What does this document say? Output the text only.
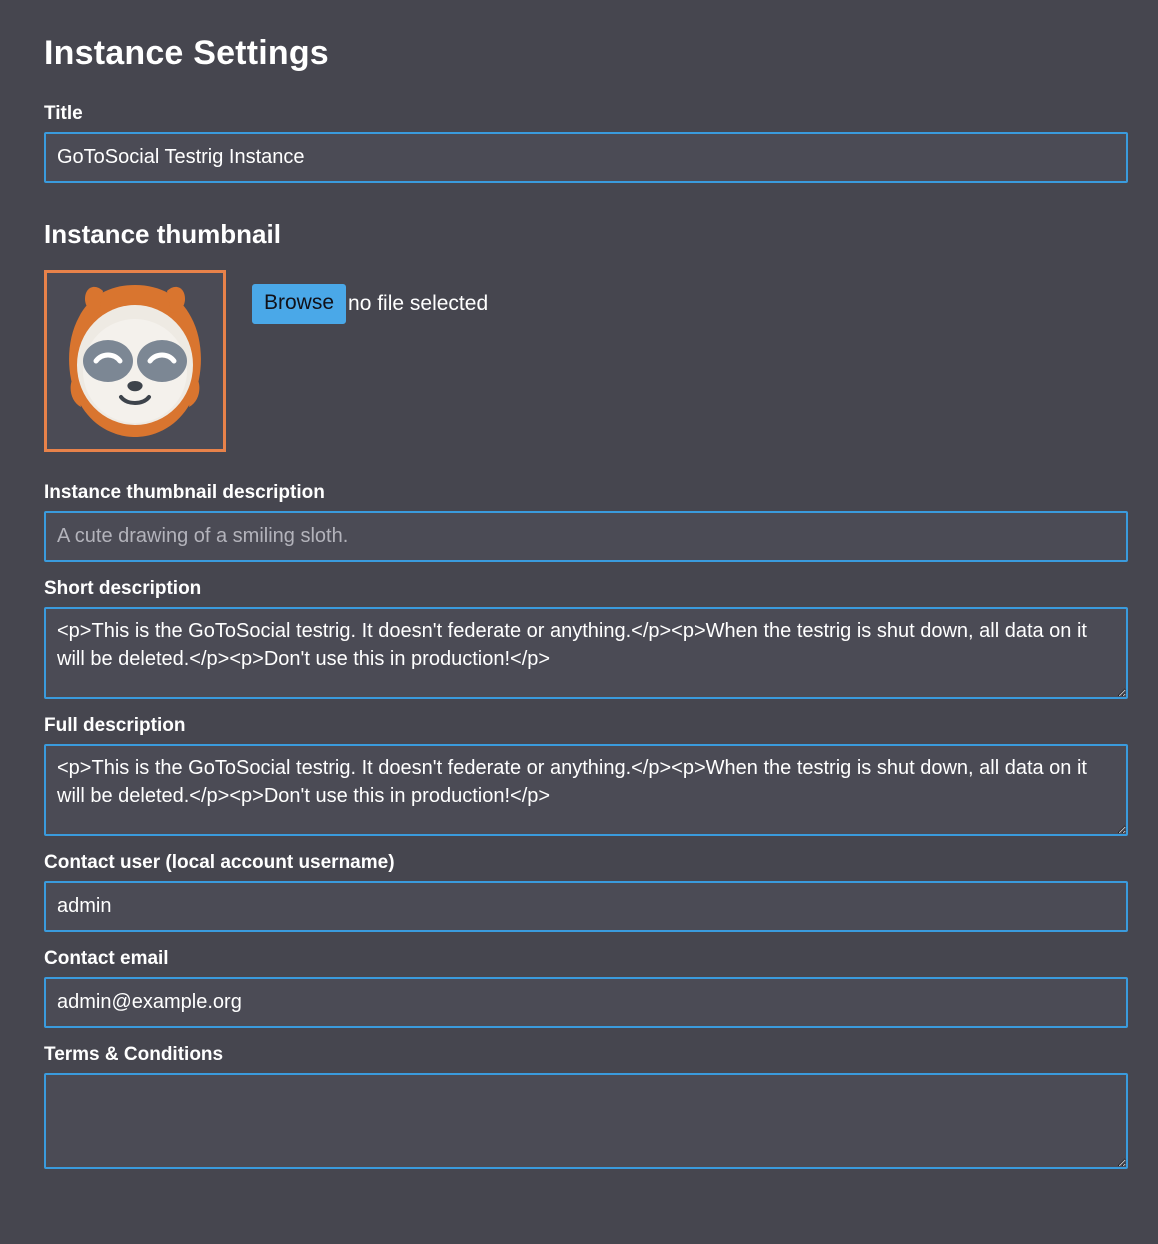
Instance Settings
Title
GoToSocial Testrig Instance
Instance thumbnail
Browse no file selected
Instance thumbnail description
A cute drawing of a smiling sloth.
Short description
<p>This is the GoToSocial testrig. It doesn't federate or anything.</p><p>When the testrig is shut down, all data on it will be deleted.</p><p>Don't use this in production!</p>
Full description
<p>This is the GoToSocial testrig. It doesn't federate or anything.</p><p>When the testrig is shut down, all data on it will be deleted.</p><p>Don't use this in production!</p>
Contact user (local account username)
admin
Contact email
admin@example.org
Terms & Conditions
